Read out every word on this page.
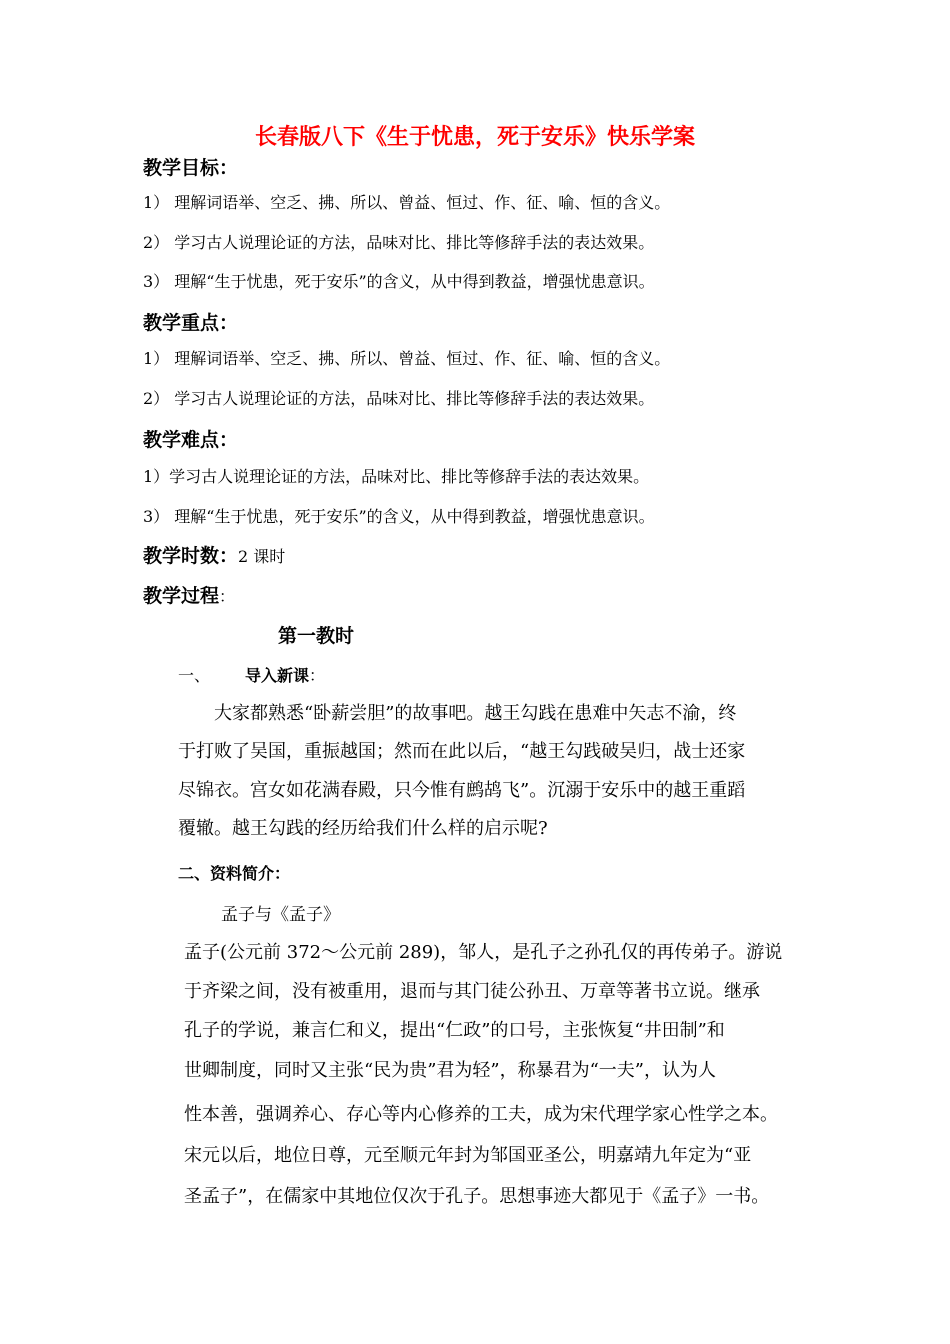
长春版八下《生于忧患，死于安乐》快乐学案
教学目标：
1） 理解词语举、空乏、拂、所以、曾益、恒过、作、征、喻、恒的含义。
2） 学习古人说理论证的方法，品味对比、排比等修辞手法的表达效果。
3） 理解“生于忧患，死于安乐”的含义，从中得到教益，增强忧患意识。
教学重点：
1） 理解词语举、空乏、拂、所以、曾益、恒过、作、征、喻、恒的含义。
2） 学习古人说理论证的方法，品味对比、排比等修辞手法的表达效果。
教学难点：
1）学习古人说理论证的方法，品味对比、排比等修辞手法的表达效果。
3） 理解“生于忧患，死于安乐”的含义，从中得到教益，增强忧患意识。
教学时数：2 课时
教学过程：
第一教时
一、 导入新课：
大家都熟悉“卧薪尝胆”的故事吧。越王勾践在患难中矢志不渝，终
于打败了吴国，重振越国；然而在此以后，“越王勾践破吴归，战士还家
尽锦衣。宫女如花满春殿，只今惟有鹧鸪飞”。沉溺于安乐中的越王重蹈
覆辙。越王勾践的经历给我们什么样的启示呢?
二、资料简介：
孟子与《孟子》
孟子(公元前 372～公元前 289)，邹人，是孔子之孙孔仅的再传弟子。游说
于齐梁之间，没有被重用，退而与其门徒公孙丑、万章等著书立说。继承
孔子的学说，兼言仁和义，提出“仁政”的口号，主张恢复“井田制”和
世卿制度，同时又主张“民为贵”君为轻”，称暴君为“一夫”，认为人
性本善，强调养心、存心等内心修养的工夫，成为宋代理学家心性学之本。
宋元以后，地位日尊，元至顺元年封为邹国亚圣公，明嘉靖九年定为“亚
圣孟子”，在儒家中其地位仅次于孔子。思想事迹大都见于《孟子》一书。
